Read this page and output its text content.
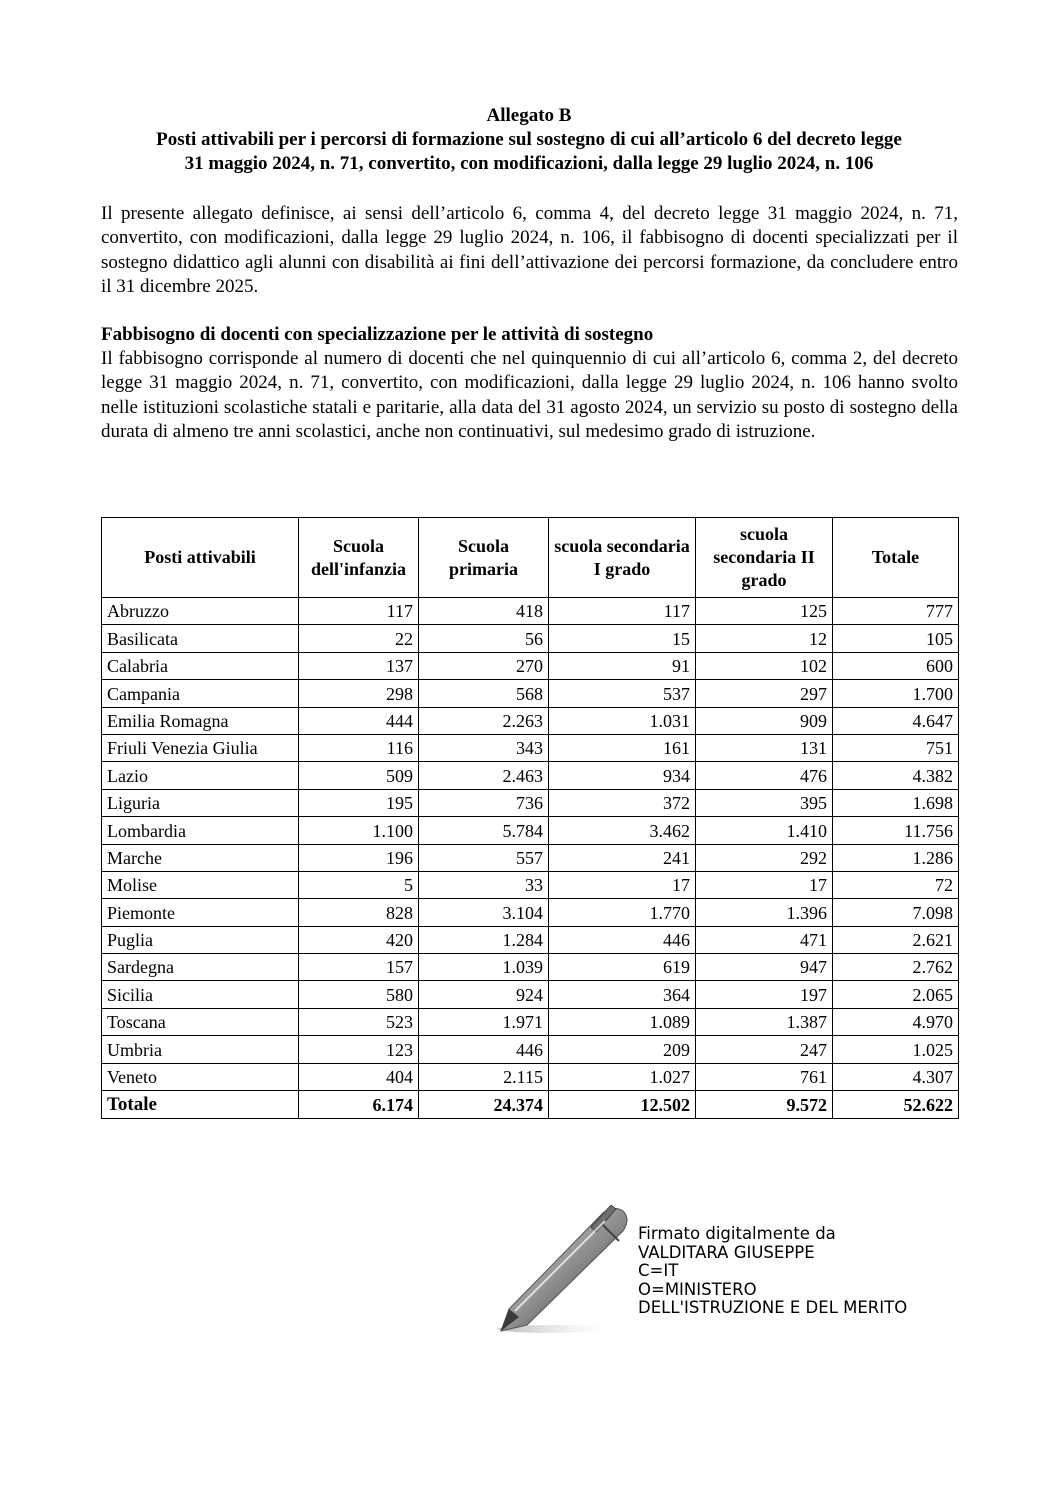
Allegato B
Posti attivabili per i percorsi di formazione sul sostegno di cui all’articolo 6 del decreto legge
31 maggio 2024, n. 71, convertito, con modificazioni, dalla legge 29 luglio 2024, n. 106
Il presente allegato definisce, ai sensi dell’articolo 6, comma 4, del decreto legge 31 maggio 2024, n. 71, convertito, con modificazioni, dalla legge 29 luglio 2024, n. 106, il fabbisogno di docenti specializzati per il sostegno didattico agli alunni con disabilità ai fini dell’attivazione dei percorsi formazione, da concludere entro il 31 dicembre 2025.
Fabbisogno di docenti con specializzazione per le attività di sostegno
Il fabbisogno corrisponde al numero di docenti che nel quinquennio di cui all’articolo 6, comma 2, del decreto legge 31 maggio 2024, n. 71, convertito, con modificazioni, dalla legge 29 luglio 2024, n. 106 hanno svolto nelle istituzioni scolastiche statali e paritarie, alla data del 31 agosto 2024, un servizio su posto di sostegno della durata di almeno tre anni scolastici, anche non continuativi, sul medesimo grado di istruzione.
Posti attivabili	Scuola dell'infanzia	Scuola primaria	scuola secondaria I grado	scuola secondaria II grado	Totale
Abruzzo	117	418	117	125	777
Basilicata	22	56	15	12	105
Calabria	137	270	91	102	600
Campania	298	568	537	297	1.700
Emilia Romagna	444	2.263	1.031	909	4.647
Friuli Venezia Giulia	116	343	161	131	751
Lazio	509	2.463	934	476	4.382
Liguria	195	736	372	395	1.698
Lombardia	1.100	5.784	3.462	1.410	11.756
Marche	196	557	241	292	1.286
Molise	5	33	17	17	72
Piemonte	828	3.104	1.770	1.396	7.098
Puglia	420	1.284	446	471	2.621
Sardegna	157	1.039	619	947	2.762
Sicilia	580	924	364	197	2.065
Toscana	523	1.971	1.089	1.387	4.970
Umbria	123	446	209	247	1.025
Veneto	404	2.115	1.027	761	4.307
Totale	6.174	24.374	12.502	9.572	52.622
Firmato digitalmente da
VALDITARA GIUSEPPE
C=IT
O=MINISTERO
DELL'ISTRUZIONE E DEL MERITO
